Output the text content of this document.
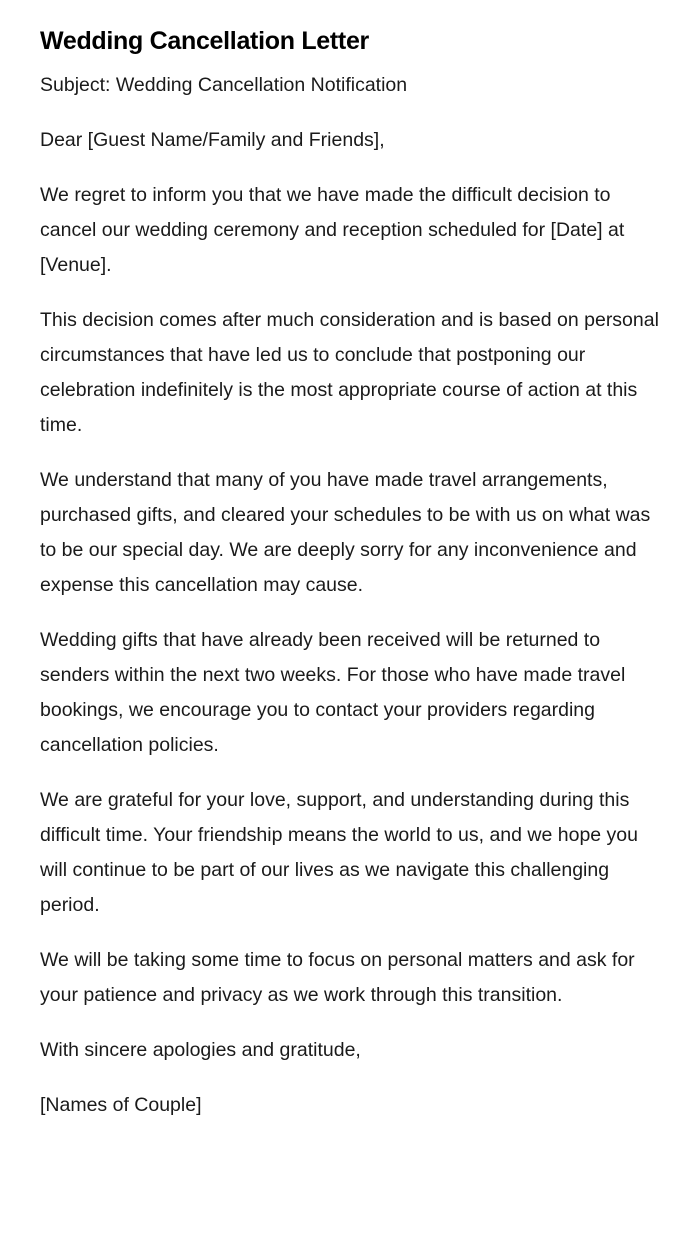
Wedding Cancellation Letter

Subject: Wedding Cancellation Notification

Dear [Guest Name/Family and Friends],

We regret to inform you that we have made the difficult decision to cancel our wedding ceremony and reception scheduled for [Date] at [Venue].

This decision comes after much consideration and is based on personal circumstances that have led us to conclude that postponing our celebration indefinitely is the most appropriate course of action at this time.

We understand that many of you have made travel arrangements, purchased gifts, and cleared your schedules to be with us on what was to be our special day. We are deeply sorry for any inconvenience and expense this cancellation may cause.

Wedding gifts that have already been received will be returned to senders within the next two weeks. For those who have made travel bookings, we encourage you to contact your providers regarding cancellation policies.

We are grateful for your love, support, and understanding during this difficult time. Your friendship means the world to us, and we hope you will continue to be part of our lives as we navigate this challenging period.

We will be taking some time to focus on personal matters and ask for your patience and privacy as we work through this transition.

With sincere apologies and gratitude,

[Names of Couple]
